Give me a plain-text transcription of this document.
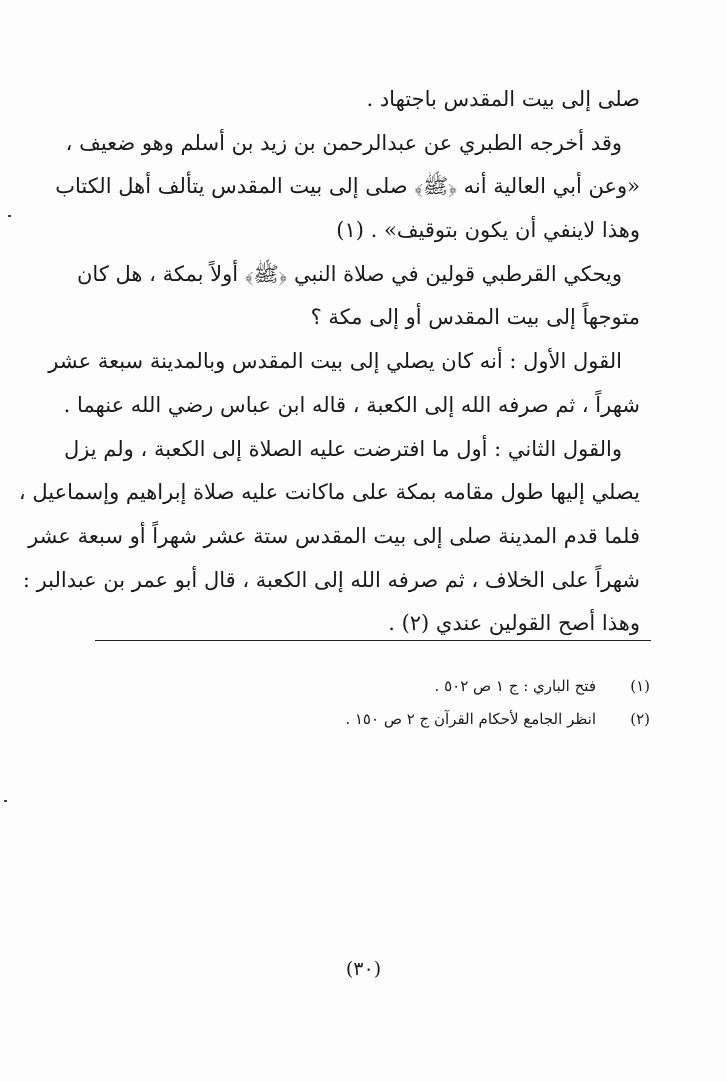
صلى إلى بيت المقدس باجتهاد .
وقد أخرجه الطبري عن عبدالرحمن بن زيد بن أسلم وهو ضعيف ،
«وعن أبي العالية أنه ﴿ﷺ﴾ صلى إلى بيت المقدس يتألف أهل الكتاب
وهذا لاينفي أن يكون بتوقيف» . (١)
ويحكي القرطبي قولين في صلاة النبي ﴿ﷺ﴾ أولاً بمكة ، هل كان
متوجهاً إلى بيت المقدس أو إلى مكة ؟
القول الأول : أنه كان يصلي إلى بيت المقدس وبالمدينة سبعة عشر
شهراً ، ثم صرفه الله إلى الكعبة ، قاله ابن عباس رضي الله عنهما .
والقول الثاني : أول ما افترضت عليه الصلاة إلى الكعبة ، ولم يزل
يصلي إليها طول مقامه بمكة على ماكانت عليه صلاة إبراهيم وإسماعيل ،
فلما قدم المدينة صلى إلى بيت المقدس ستة عشر شهراً أو سبعة عشر
شهراً على الخلاف ، ثم صرفه الله إلى الكعبة ، قال أبو عمر بن عبدالبر :
وهذا أصح القولين عندي (٢) .
(١)فتح الباري : ج ١ ص ٥٠٢ .
(٢)انظر الجامع لأحكام القرآن ج ٢ ص ١٥٠ .
(٣٠)
